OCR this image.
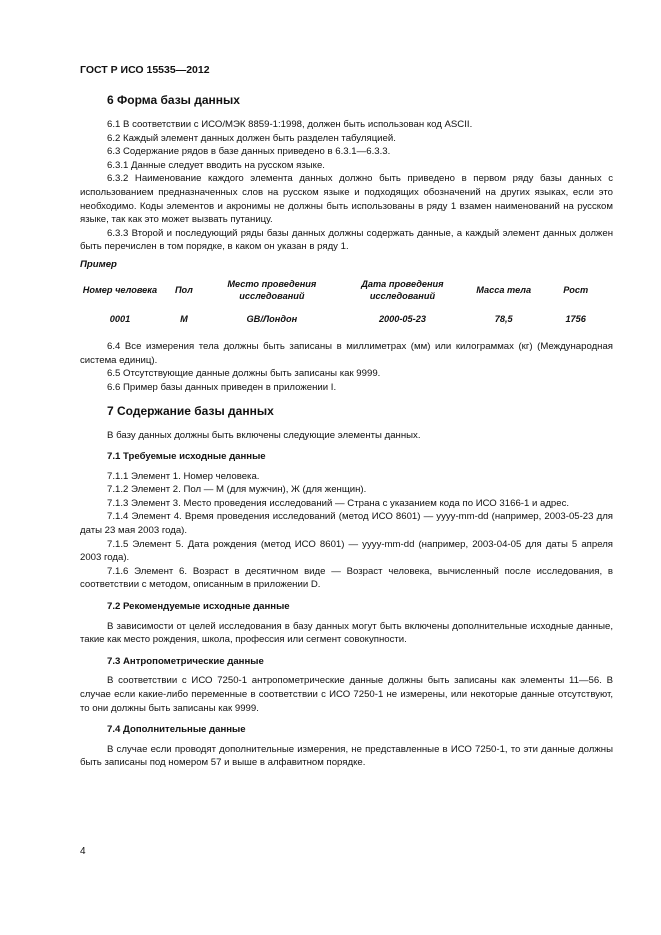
ГОСТ Р ИСО 15535—2012
6 Форма базы данных

6.1 В соответствии с ИСО/МЭК 8859-1:1998, должен быть использован код ASCII.

6.2 Каждый элемент данных должен быть разделен табуляцией.

6.3 Содержание рядов в базе данных приведено в 6.3.1—6.3.3.

6.3.1 Данные следует вводить на русском языке.

6.3.2 Наименование каждого элемента данных должно быть приведено в первом ряду базы данных с использованием предназначенных слов на русском языке и подходящих обозначений на других языках, если это необходимо. Коды элементов и акронимы не должны быть использованы в ряду 1 взамен наименований на русском языке, так как это может вызвать путаницу.

6.3.3 Второй и последующий ряды базы данных должны содержать данные, а каждый элемент данных должен быть перечислен в том порядке, в каком он указан в ряду 1.

Пример
Номер человека	Пол	Место проведения исследований	Дата проведения исследований	Масса тела	Рост
0001	М	GB/Лондон	2000-05-23	78,5	1756

6.4 Все измерения тела должны быть записаны в миллиметрах (мм) или килограммах (кг) (Международная система единиц).

6.5 Отсутствующие данные должны быть записаны как 9999.

6.6 Пример базы данных приведен в приложении I.

7 Содержание базы данных

В базу данных должны быть включены следующие элементы данных.

7.1 Требуемые исходные данные

7.1.1 Элемент 1. Номер человека.

7.1.2 Элемент 2. Пол — М (для мужчин), Ж (для женщин).

7.1.3 Элемент 3. Место проведения исследований — Страна с указанием кода по ИСО 3166-1 и адрес.

7.1.4 Элемент 4. Время проведения исследований (метод ИСО 8601) — yyyy-mm-dd (например, 2003-05-23 для даты 23 мая 2003 года).

7.1.5 Элемент 5. Дата рождения (метод ИСО 8601) — yyyy-mm-dd (например, 2003-04-05 для даты 5 апреля 2003 года).

7.1.6 Элемент 6. Возраст в десятичном виде — Возраст человека, вычисленный после исследования, в соответствии с методом, описанным в приложении D.

7.2 Рекомендуемые исходные данные

В зависимости от целей исследования в базу данных могут быть включены дополнительные исходные данные, такие как место рождения, школа, профессия или сегмент совокупности.

7.3 Антропометрические данные

В соответствии с ИСО 7250-1 антропометрические данные должны быть записаны как элементы 11—56. В случае если какие-либо переменные в соответствии с ИСО 7250-1 не измерены, или некоторые данные отсутствуют, то они должны быть записаны как 9999.

7.4 Дополнительные данные

В случае если проводят дополнительные измерения, не представленные в ИСО 7250-1, то эти данные должны быть записаны под номером 57 и выше в алфавитном порядке.

4
